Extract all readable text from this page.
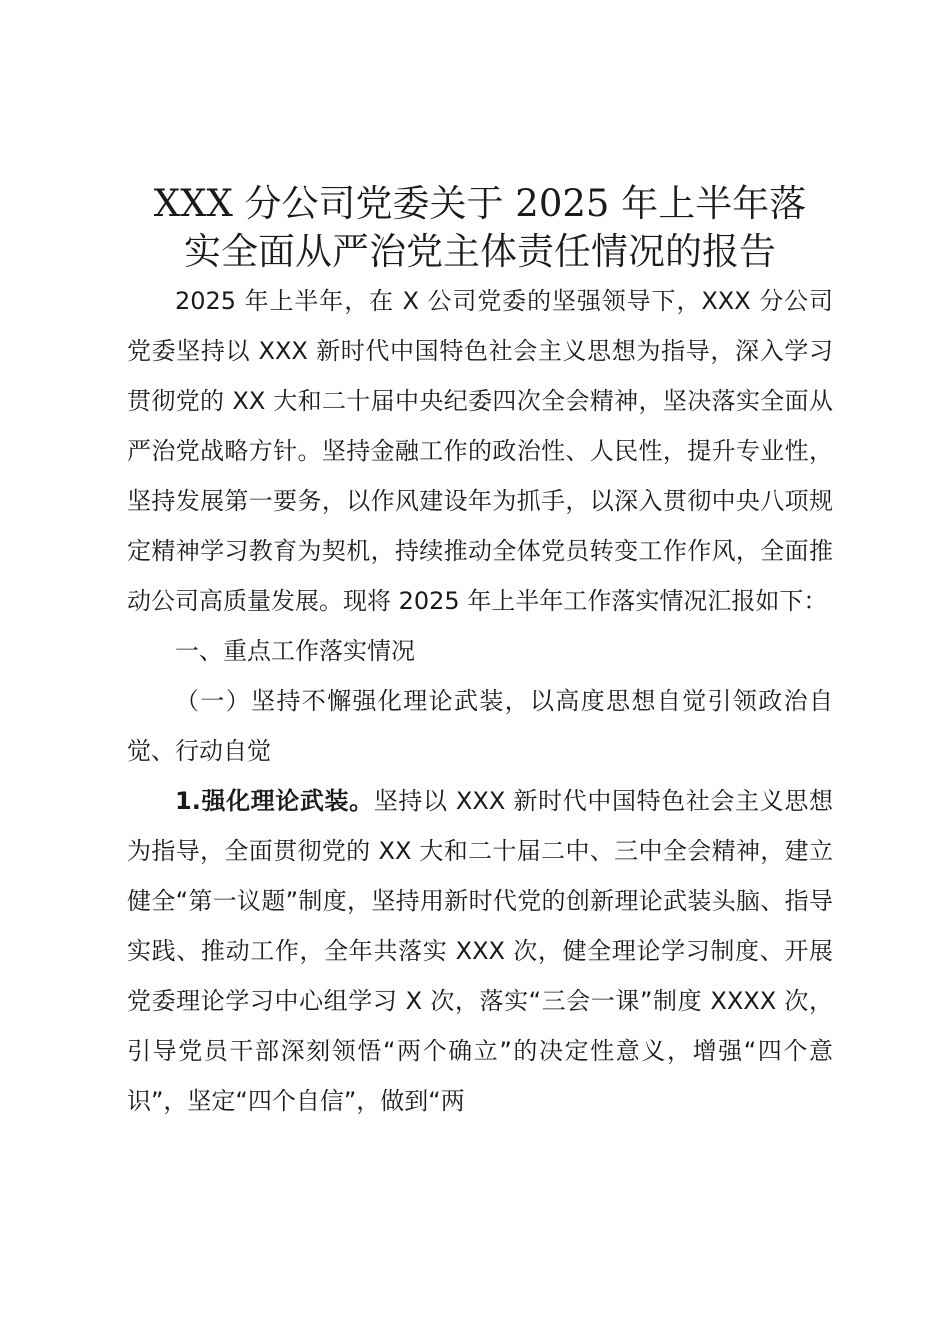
XXX 分公司党委关于 2025 年上半年落
实全面从严治党主体责任情况的报告

2025 年上半年，在 X 公司党委的坚强领导下，XXX 分公司党委坚持以 XXX 新时代中国特色社会主义思想为指导，深入学习贯彻党的 XX 大和二十届中央纪委四次全会精神，坚决落实全面从严治党战略方针。坚持金融工作的政治性、人民性，提升专业性，坚持发展第一要务，以作风建设年为抓手，以深入贯彻中央八项规定精神学习教育为契机，持续推动全体党员转变工作作风，全面推动公司高质量发展。现将 2025 年上半年工作落实情况汇报如下：

一、重点工作落实情况

（一）坚持不懈强化理论武装，以高度思想自觉引领政治自觉、行动自觉

1.强化理论武装。坚持以 XXX 新时代中国特色社会主义思想为指导，全面贯彻党的 XX 大和二十届二中、三中全会精神，建立健全“第一议题”制度，坚持用新时代党的创新理论武装头脑、指导实践、推动工作，全年共落实 XXX 次，健全理论学习制度、开展党委理论学习中心组学习 X 次，落实“三会一课”制度 XXXX 次，引导党员干部深刻领悟“两个确立”的决定性意义，增强“四个意识”，坚定“四个自信”，做到“两
